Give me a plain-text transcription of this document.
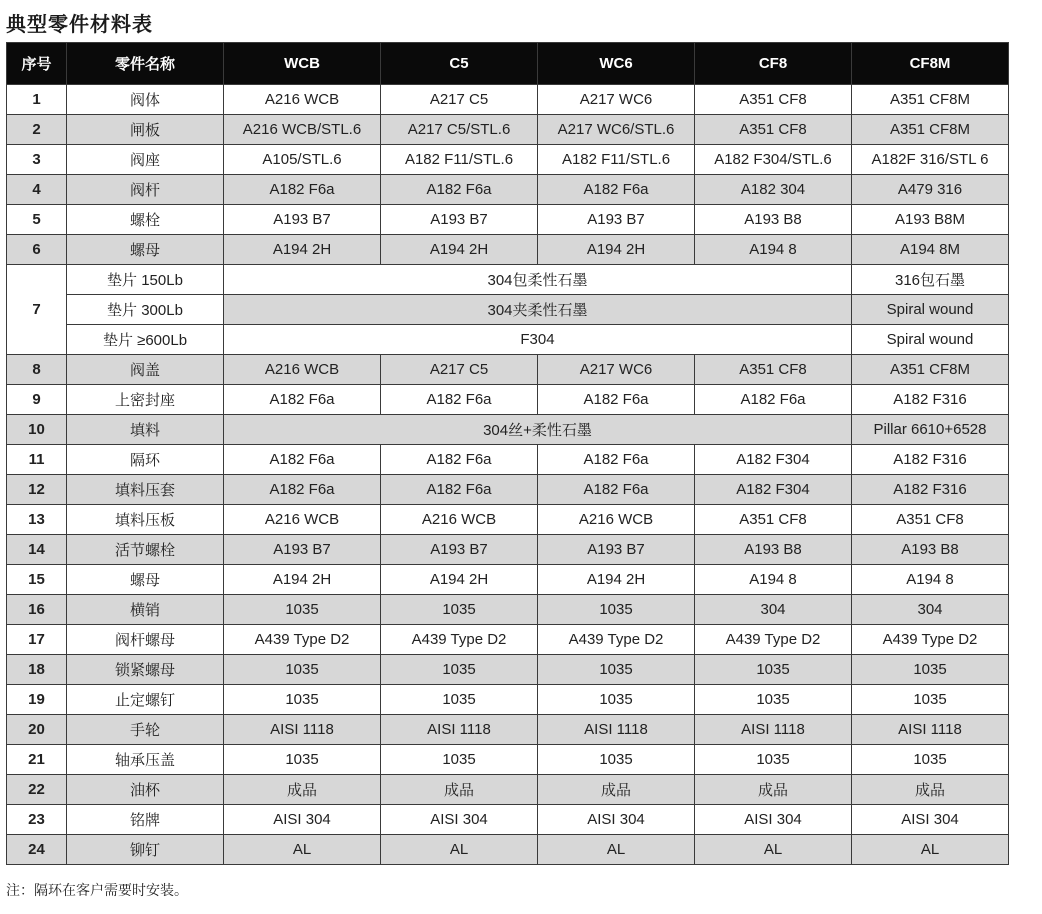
典型零件材料表
序号	零件名称	WCB	C5	WC6	CF8	CF8M
1	阀体	A216 WCB	A217 C5	A217 WC6	A351 CF8	A351 CF8M
2	闸板	A216 WCB/STL.6	A217 C5/STL.6	A217 WC6/STL.6	A351 CF8	A351 CF8M
3	阀座	A105/STL.6	A182 F11/STL.6	A182 F11/STL.6	A182 F304/STL.6	A182F 316/STL 6
4	阀杆	A182 F6a	A182 F6a	A182 F6a	A182 304	A479 316
5	螺栓	A193 B7	A193 B7	A193 B7	A193 B8	A193 B8M
6	螺母	A194 2H	A194 2H	A194 2H	A194 8	A194 8M
7	垫片 150Lb	304包柔性石墨				316包石墨
	垫片 300Lb	304夹柔性石墨				Spiral wound
	垫片 ≥600Lb	F304				Spiral wound
8	阀盖	A216 WCB	A217 C5	A217 WC6	A351 CF8	A351 CF8M
9	上密封座	A182 F6a	A182 F6a	A182 F6a	A182 F6a	A182 F316
10	填料	304丝+柔性石墨				Pillar 6610+6528
11	隔环	A182 F6a	A182 F6a	A182 F6a	A182 F304	A182 F316
12	填料压套	A182 F6a	A182 F6a	A182 F6a	A182 F304	A182 F316
13	填料压板	A216 WCB	A216 WCB	A216 WCB	A351 CF8	A351 CF8
14	活节螺栓	A193 B7	A193 B7	A193 B7	A193 B8	A193 B8
15	螺母	A194 2H	A194 2H	A194 2H	A194 8	A194 8
16	横销	1035	1035	1035	304	304
17	阀杆螺母	A439 Type D2	A439 Type D2	A439 Type D2	A439 Type D2	A439 Type D2
18	锁紧螺母	1035	1035	1035	1035	1035
19	止定螺钉	1035	1035	1035	1035	1035
20	手轮	AISI 1118	AISI 1118	AISI 1118	AISI 1118	AISI 1118
21	轴承压盖	1035	1035	1035	1035	1035
22	油杯	成品	成品	成品	成品	成品
23	铭牌	AISI 304	AISI 304	AISI 304	AISI 304	AISI 304
24	铆钉	AL	AL	AL	AL	AL
注：隔环在客户需要时安装。
